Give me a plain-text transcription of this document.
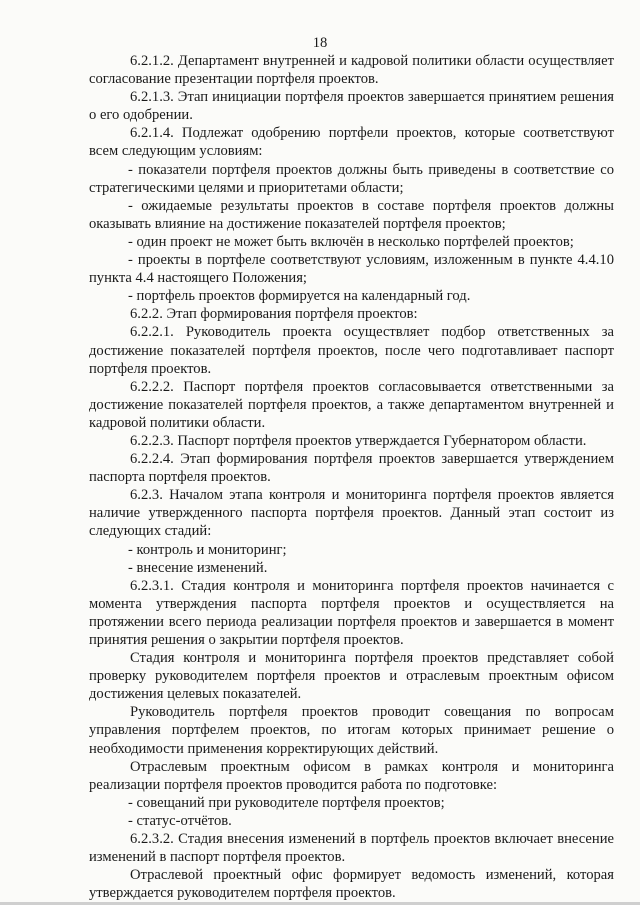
18

6.2.1.2. Департамент внутренней и кадровой политики области осуществляет согласование презентации портфеля проектов.

6.2.1.3. Этап инициации портфеля проектов завершается принятием решения о его одобрении.

6.2.1.4. Подлежат одобрению портфели проектов, которые соответствуют всем следующим условиям:

- показатели портфеля проектов должны быть приведены в соответствие со стратегическими целями и приоритетами области;

- ожидаемые результаты проектов в составе портфеля проектов должны оказывать влияние на достижение показателей портфеля проектов;

- один проект не может быть включён в несколько портфелей проектов;

- проекты в портфеле соответствуют условиям, изложенным в пункте 4.4.10 пункта 4.4 настоящего Положения;

- портфель проектов формируется на календарный год.

6.2.2. Этап формирования портфеля проектов:

6.2.2.1. Руководитель проекта осуществляет подбор ответственных за достижение показателей портфеля проектов, после чего подготавливает паспорт портфеля проектов.

6.2.2.2. Паспорт портфеля проектов согласовывается ответственными за достижение показателей портфеля проектов, а также департаментом внутренней и кадровой политики области.

6.2.2.3. Паспорт портфеля проектов утверждается Губернатором области.

6.2.2.4. Этап формирования портфеля проектов завершается утверждением паспорта портфеля проектов.

6.2.3. Началом этапа контроля и мониторинга портфеля проектов является наличие утвержденного паспорта портфеля проектов. Данный этап состоит из следующих стадий:

- контроль и мониторинг;

- внесение изменений.

6.2.3.1. Стадия контроля и мониторинга портфеля проектов начинается с момента утверждения паспорта портфеля проектов и осуществляется на протяжении всего периода реализации портфеля проектов и завершается в момент принятия решения о закрытии портфеля проектов.

Стадия контроля и мониторинга портфеля проектов представляет собой проверку руководителем портфеля проектов и отраслевым проектным офисом достижения целевых показателей.

Руководитель портфеля проектов проводит совещания по вопросам управления портфелем проектов, по итогам которых принимает решение о необходимости применения корректирующих действий.

Отраслевым проектным офисом в рамках контроля и мониторинга реализации портфеля проектов проводится работа по подготовке:

- совещаний при руководителе портфеля проектов;

- статус-отчётов.

6.2.3.2. Стадия внесения изменений в портфель проектов включает внесение изменений в паспорт портфеля проектов.

Отраслевой проектный офис формирует ведомость изменений, которая утверждается руководителем портфеля проектов.
